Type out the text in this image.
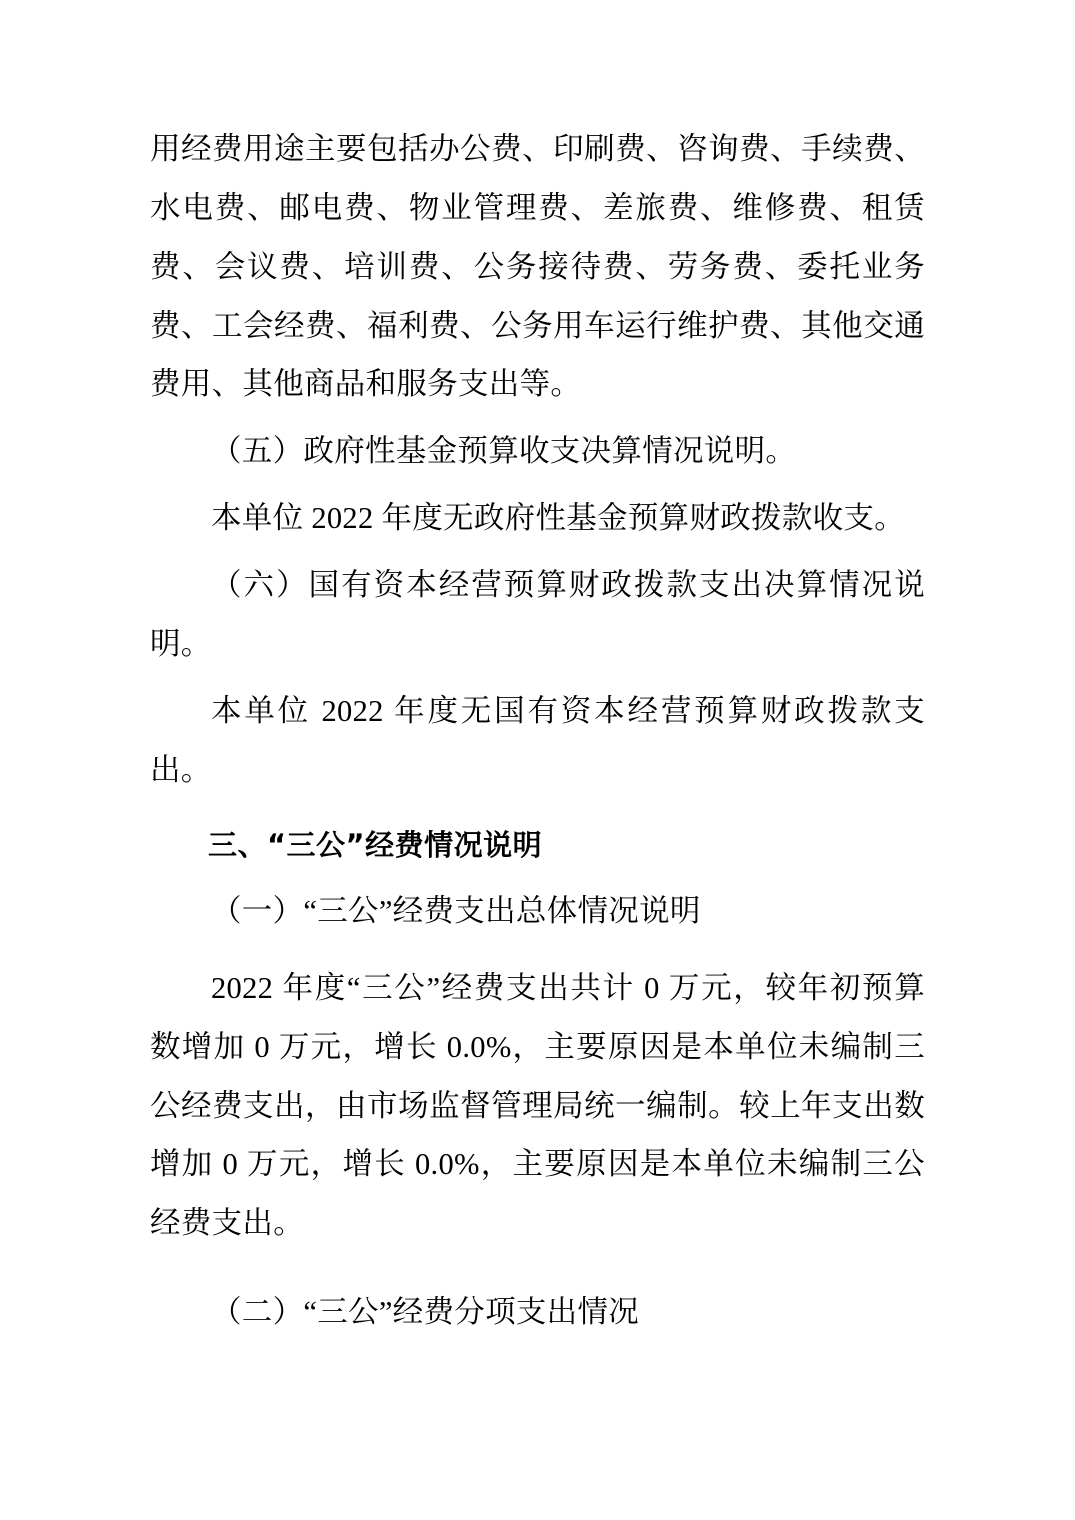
用经费用途主要包括办公费、印刷费、咨询费、手续费、水电费、邮电费、物业管理费、差旅费、维修费、租赁费、会议费、培训费、公务接待费、劳务费、委托业务费、工会经费、福利费、公务用车运行维护费、其他交通费用、其他商品和服务支出等。

（五）政府性基金预算收支决算情况说明。

本单位 2022 年度无政府性基金预算财政拨款收支。

（六）国有资本经营预算财政拨款支出决算情况说明。

本单位 2022 年度无国有资本经营预算财政拨款支出。

三、“三公”经费情况说明

（一）“三公”经费支出总体情况说明

2022 年度“三公”经费支出共计 0 万元，较年初预算数增加 0 万元，增长 0.0%，主要原因是本单位未编制三公经费支出，由市场监督管理局统一编制。较上年支出数增加 0 万元，增长 0.0%，主要原因是本单位未编制三公经费支出。

（二）“三公”经费分项支出情况
